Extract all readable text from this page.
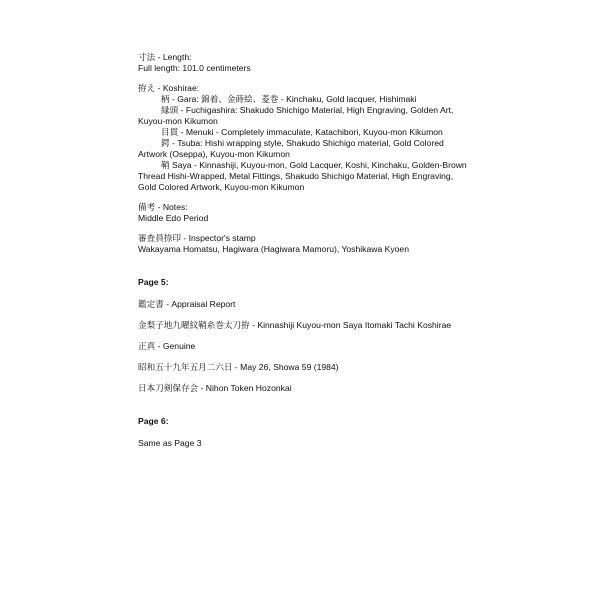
寸法 - Length:
Full length: 101.0 centimeters
拵え - Koshirae:
柄 - Gara: 錦着、金蒔絵、菱巻 - Kinchaku, Gold lacquer, Hishimaki
縁頭 - Fuchigashira: Shakudo Shichigo Material, High Engraving, Golden Art, Kuyou-mon Kikumon
目貫 - Menuki - Completely immaculate, Katachibori, Kuyou-mon Kikumon
鍔 - Tsuba: Hishi wrapping style, Shakudo Shichigo material, Gold Colored Artwork (Oseppa), Kuyou-mon Kikumon
鞘 Saya - Kinnashiji, Kuyou-mon, Gold Lacquer, Koshi, Kinchaku, Golden-Brown Thread Hishi-Wrapped, Metal Fittings, Shakudo Shichigo Material, High Engraving, Gold Colored Artwork, Kuyou-mon Kikumon
備考 - Notes:
Middle Edo Period
審査員捺印 - Inspector's stamp
Wakayama Homatsu, Hagiwara (Hagiwara Mamoru), Yoshikawa Kyoen
Page 5:
鑑定書 - Appraisal Report
金梨子地九曜紋鞘糸巻太刀拵 - Kinnashiji Kuyou-mon Saya Itomaki Tachi Koshirae
正真 - Genuine
昭和五十九年五月二六日 - May 26, Showa 59 (1984)
日本刀剣保存会 - Nihon Token Hozonkai
Page 6:
Same as Page 3
